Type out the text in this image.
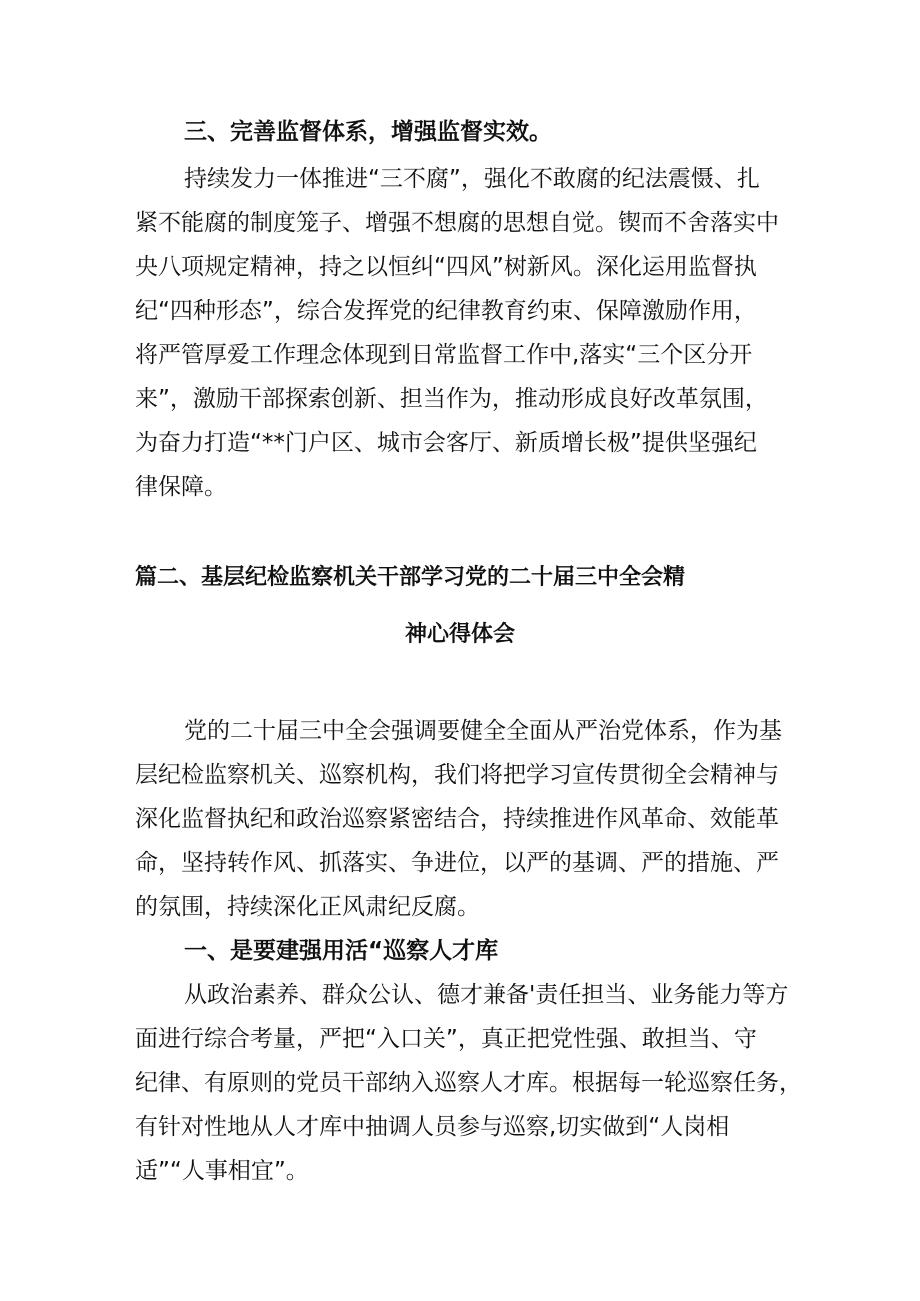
三、完善监督体系，增强监督实效。
持续发力一体推进“三不腐”，强化不敢腐的纪法震慑、扎
紧不能腐的制度笼子、增强不想腐的思想自觉。锲而不舍落实中
央八项规定精神，持之以恒纠“四风”树新风。深化运用监督执
纪“四种形态”，综合发挥党的纪律教育约束、保障激励作用，
将严管厚爱工作理念体现到日常监督工作中,落实“三个区分开
来”，激励干部探索创新、担当作为，推动形成良好改革氛围，
为奋力打造“**门户区、城市会客厅、新质增长极”提供坚强纪
律保障。
篇二、基层纪检监察机关干部学习党的二十届三中全会精
神心得体会
党的二十届三中全会强调要健全全面从严治党体系，作为基
层纪检监察机关、巡察机构，我们将把学习宣传贯彻全会精神与
深化监督执纪和政治巡察紧密结合，持续推进作风革命、效能革
命，坚持转作风、抓落实、争进位，以严的基调、严的措施、严
的氛围，持续深化正风肃纪反腐。
一、是要建强用活“巡察人才库
从政治素养、群众公认、德才兼备'责任担当、业务能力等方
面进行综合考量，严把“入口关”，真正把党性强、敢担当、守
纪律、有原则的党员干部纳入巡察人才库。根据每一轮巡察任务，
有针对性地从人才库中抽调人员参与巡察,切实做到“人岗相
适”“人事相宜”。
